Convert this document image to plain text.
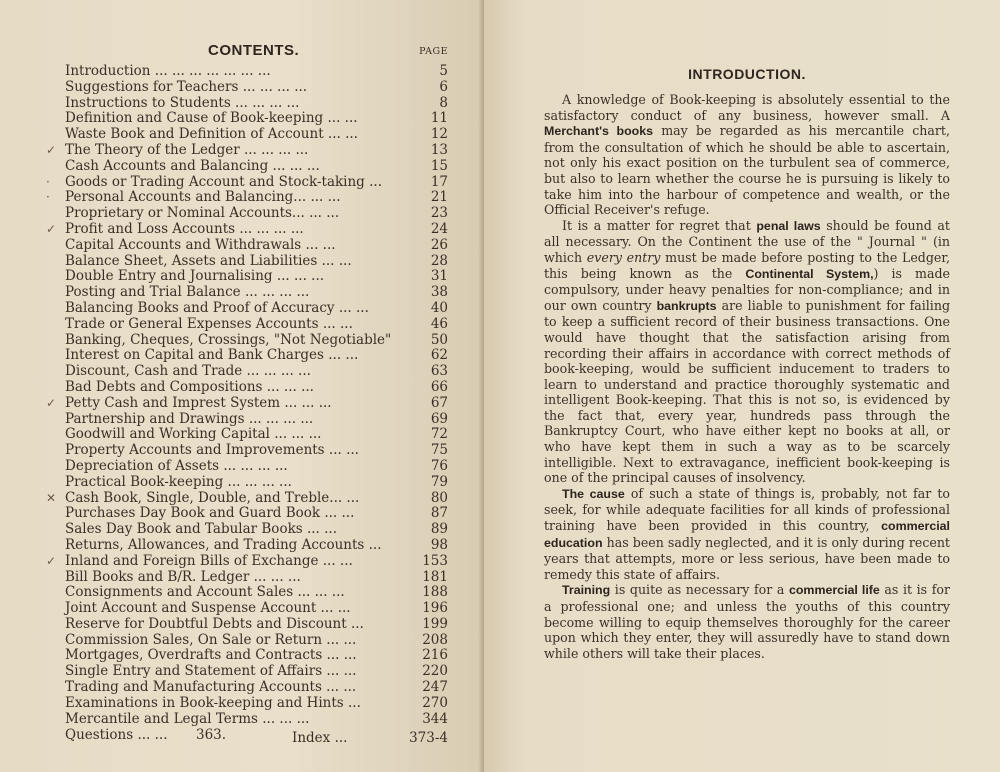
CONTENTS.	PAGE
Introduction ... ... ... ... ... ... ...	5
Suggestions for Teachers ... ... ... ...	6
Instructions to Students ... ... ... ...	8
Definition and Cause of Book-keeping ... ...	11
Waste Book and Definition of Account ... ...	12
✓ The Theory of the Ledger ... ... ... ...	13
Cash Accounts and Balancing ... ... ...	15
· Goods or Trading Account and Stock-taking ...	17
· Personal Accounts and Balancing... ... ...	21
Proprietary or Nominal Accounts... ... ...	23
✓ Profit and Loss Accounts ... ... ... ...	24
Capital Accounts and Withdrawals ... ...	26
Balance Sheet, Assets and Liabilities ... ...	28
Double Entry and Journalising ... ... ...	31
Posting and Trial Balance ... ... ... ...	38
Balancing Books and Proof of Accuracy ... ...	40
Trade or General Expenses Accounts ... ...	46
Banking, Cheques, Crossings, "Not Negotiable"	50
Interest on Capital and Bank Charges ... ...	62
Discount, Cash and Trade ... ... ... ...	63
Bad Debts and Compositions ... ... ...	66
✓ Petty Cash and Imprest System ... ... ...	67
Partnership and Drawings ... ... ... ...	69
Goodwill and Working Capital ... ... ...	72
Property Accounts and Improvements ... ...	75
Depreciation of Assets ... ... ... ...	76
Practical Book-keeping ... ... ... ...	79
✕ Cash Book, Single, Double, and Treble... ...	80
Purchases Day Book and Guard Book ... ...	87
Sales Day Book and Tabular Books ... ...	89
Returns, Allowances, and Trading Accounts ...	98
✓ Inland and Foreign Bills of Exchange ... ...	153
Bill Books and B/R. Ledger ... ... ...	181
Consignments and Account Sales ... ... ...	188
Joint Account and Suspense Account ... ...	196
Reserve for Doubtful Debts and Discount ...	199
Commission Sales, On Sale or Return ... ...	208
Mortgages, Overdrafts and Contracts ... ...	216
Single Entry and Statement of Affairs ... ...	220
Trading and Manufacturing Accounts ... ...	247
Examinations in Book-keeping and Hints ...	270
Mercantile and Legal Terms ... ... ...	344
Questions ... ... 363.	Index ...	373-4
INTRODUCTION.

A knowledge of Book-keeping is absolutely essential to the satisfactory conduct of any business, however small. A Merchant's books may be regarded as his mercantile chart, from the consultation of which he should be able to ascertain, not only his exact position on the turbulent sea of commerce, but also to learn whether the course he is pursuing is likely to take him into the harbour of competence and wealth, or the Official Receiver's refuge.

It is a matter for regret that penal laws should be found at all necessary. On the Continent the use of the " Journal " (in which every entry must be made before posting to the Ledger, this being known as the Continental System,) is made compulsory, under heavy penalties for non-compliance; and in our own country bankrupts are liable to punishment for failing to keep a sufficient record of their business transactions. One would have thought that the satisfaction arising from recording their affairs in accordance with correct methods of book-keeping, would be sufficient inducement to traders to learn to understand and practice thoroughly systematic and intelligent Book-keeping. That this is not so, is evidenced by the fact that, every year, hundreds pass through the Bankruptcy Court, who have either kept no books at all, or who have kept them in such a way as to be scarcely intelligible. Next to extravagance, inefficient book-keeping is one of the principal causes of insolvency.

The cause of such a state of things is, probably, not far to seek, for while adequate facilities for all kinds of professional training have been provided in this country, commercial education has been sadly neglected, and it is only during recent years that attempts, more or less serious, have been made to remedy this state of affairs.

Training is quite as necessary for a commercial life as it is for a professional one; and unless the youths of this country become willing to equip themselves thoroughly for the career upon which they enter, they will assuredly have to stand down while others will take their places.
